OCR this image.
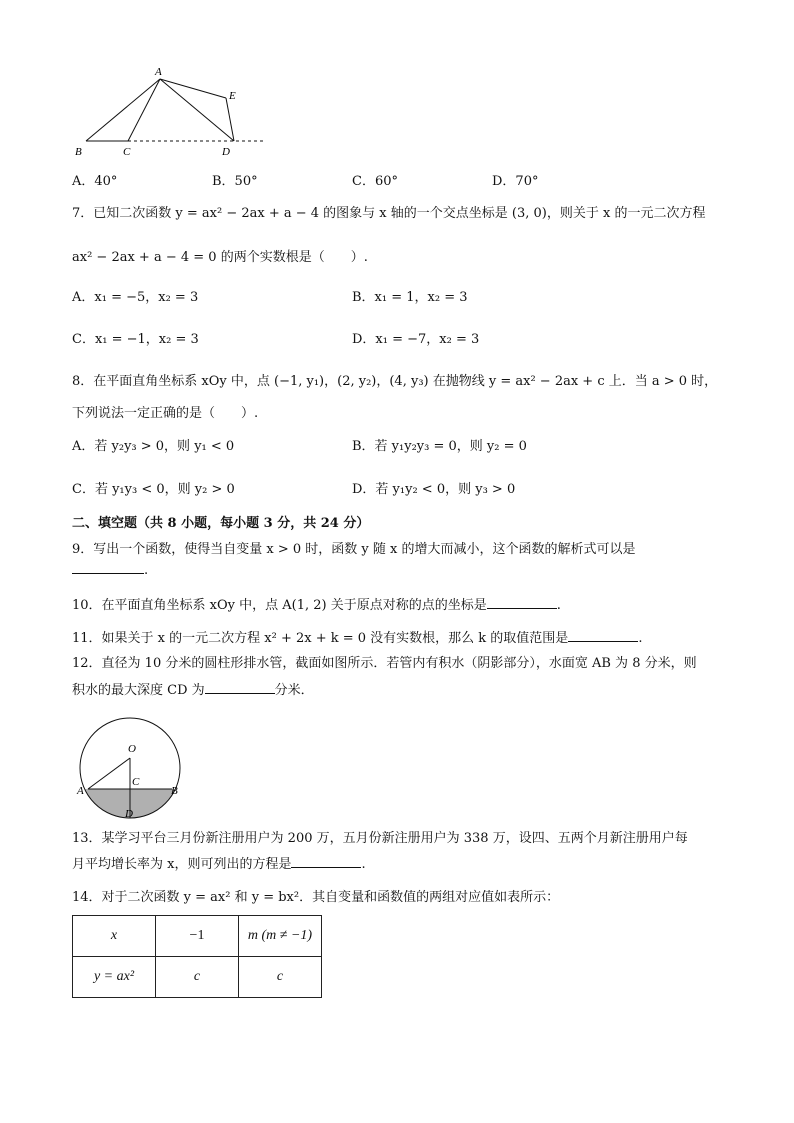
A
E
B	C	D
A．40°	B．50°	C．60°	D．70°
7．已知二次函数 y = ax² − 2ax + a − 4 的图象与 x 轴的一个交点坐标是 (3, 0)，则关于 x 的一元二次方程
ax² − 2ax + a − 4 = 0 的两个实数根是（　　）.
A．x₁ = −5，x₂ = 3	B．x₁ = 1，x₂ = 3
C．x₁ = −1，x₂ = 3	D．x₁ = −7，x₂ = 3
8．在平面直角坐标系 xOy 中，点 (−1, y₁)，(2, y₂)，(4, y₃) 在抛物线 y = ax² − 2ax + c 上．当 a > 0 时，
下列说法一定正确的是（　　）.
A．若 y₂y₃ > 0，则 y₁ < 0	B．若 y₁y₂y₃ = 0，则 y₂ = 0
C．若 y₁y₃ < 0，则 y₂ > 0	D．若 y₁y₂ < 0，则 y₃ > 0
二、填空题（共 8 小题，每小题 3 分，共 24 分）
9．写出一个函数，使得当自变量 x > 0 时，函数 y 随 x 的增大而减小，这个函数的解析式可以是
.
10．在平面直角坐标系 xOy 中，点 A(1, 2) 关于原点对称的点的坐标是	.
11．如果关于 x 的一元二次方程 x² + 2x + k = 0 没有实数根，那么 k 的取值范围是	.
12．直径为 10 分米的圆柱形排水管，截面如图所示．若管内有积水（阴影部分），水面宽 AB 为 8 分米，则
积水的最大深度 CD 为	分米．
O
C
A	B
D
13．某学习平台三月份新注册用户为 200 万，五月份新注册用户为 338 万，设四、五两个月新注册用户每
月平均增长率为 x，则可列出的方程是	.
14．对于二次函数 y = ax² 和 y = bx²．其自变量和函数值的两组对应值如表所示：
x	−1	m (m ≠ −1)
y = ax²	c	c
